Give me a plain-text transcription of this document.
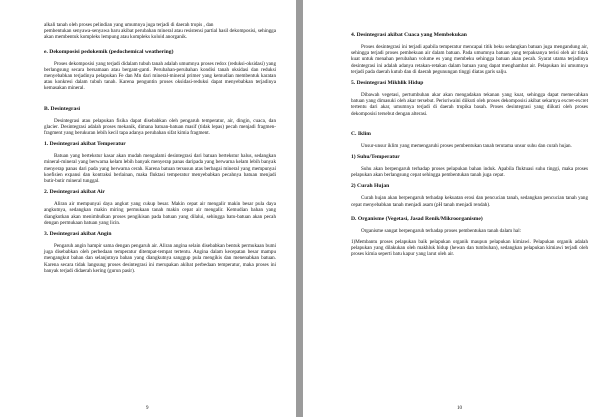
alkali tanah oleh proses pelindian yang umumnya juga terjadi di daerah tropis , dan

pembentukan senyawa-senyawa baru akibat perubahan mineral atau resistensi partial hasil dekomposisi, sehingga akan membentuk kompleks lempung atau kompleks koloid anorganik.

e. Dekomposisi pedokemik (pedochemical weathering)

Proses dekomposisi yang terjadi didalam tubuh tanah adalah umumnya proses redox (reduksi-oksidasi) yang berlangsung secara bersamaan atau bergant-ganti. Perubahan-perubahan kondisi tanah oksidasi dan reduksi menyebabkan terjadinya pelapukan Fe dan Mn dari mineral-mineral primer yang kemudian membentuk karatan atau konkresi dalam tubuh tanah. Karena penguntin proses oksidasi-reduksi dapat menyebabkan terjadinya kemasakan mineral.

B. Desintegrasi

Desintegrasi atau pelapukan fisika dapat disebabkan oleh pengaruh temperatur, air, dingin, cuaca, dan glacier. Desintegrasi adalah proses mekanik, dimana batuan-batuan masif (tidak lepas) pecah menjadi fragmen-fragment yang berukuran lebih kecil tapa adanya perubahan sifat kimia fragment.

1. Desintegrasi akibat Temperatur

Batuan yang bertekstur kasar akan mudah mengalami desintegrasi dari batuan bertekstur halus, sedangkan mineral-mineral yang berwarna kelam lebih banyak menyerap panas daripada yang berwarna kelam lebih banyak menyerap panas dari pada yang berwarna cerah. Karena batuan tersusun atas berbagai mineral yang mempunyai koefisien expansi dan kontraksi berlainan, maka fluktasi temperatur menyebabkan pecahnya batuan menjadi butir-butir mineral tunggal.

2. Desintegrasi akibat Air

Aliran air mempunyai daya angkut yang cukup besar. Makin cepat air mengalir makin besar pula daya angkutnya, sedangkan makin miring permukaan tanah makin cepat air mengalir. Kemudian bahan yang diangkutkan akan menimbulkan proses pengikisan pada batuan yang dilalui, sehingga batu-batuan akan pecah dengan permukaan batuan yang licin.

3. Desintegrasi akibat Angin

Pengaruh angin hampir sama dengan pengaruh air. Aliran angina selain disebabkan bentuk permukaan bumi juga disebabkan oleh perbedaan temperatur ditempat-tempat tertentu. Angina dalam kecepatan besar mampu mengangkut bahan dan selanjutnya bahan yang diangkutnya sanggup pula mengikis dan menenabkan batuan. Karena secara tidak langsung proses desintegrasi ini merupakan akibat perbedaan temperatur, maka proses ini banyak terjadi didaerah kering (gurun pasir).

9

4. Desintegrasi akibat Cuaca yang Membekukan

Proses desintegrasi ini terjadi apabila temperatur mencapai titik beku sedangkan batuan juga mengandung air, sehingga terjadi proses pembekuan air dalam batuan. Pada umumnya batuan yang terpaksanya terisi oleh air tidak kuat untuk menahan perubahan volume es yang membeku sehingga batuan akan pecah. Syarat utama terjadinya desintegrasi ini adalah adanya retakan-retakan dalam batuan yang dapat menghambat air. Pelapukan ini umumnya terjadi pada daerah kutub dan di daerah pegunungan tinggi diatas garis salju.

5. Desintegrasi Mikhlik Hidup

Dibawah vegetasi, pertumbuhan akar akan mengadakan tekanan yang kuat, sehingga dapat memecahkan batuan yang dimasuki oleh akar tersebut. Perisriwaini diikuti oleh proses dekomposisi akibat sekarnya excret-excret tertentu dari akar, umumnya terjadi di daerah tropika basah. Proses desintegrasi yang diikuti oleh proses dekomposisi tersebut dengan alterasi.

C. Iklim

Unsur-unsur iklim yang memengaruhi proses pembentukan tanah terutama unsur suhu dan curah hujan.

1) Suhu/Temperatur

Suhu akan berpengaruh terhadap proses pelapukan bahan induk. Apabila fluktuasi suhu tinggi, maka proses pelapukan akan berlangsung cepat sehingga pembentukan tanah juga cepat.

2) Curah Hujan

Curah hujan akan berpengaruh terhadap kekuatan erosi dan pencucian tanah, sedangkan pencucian tanah yang cepat menyebabkan tanah menjadi asam (pH tanah menjadi rendah).

D. Organisme (Vegetasi, Jasad Renik/Mikroorganisme)

Organisme sangat berpengaruh terhadap proses pembentukan tanah dalam hal:

1)Membantu proses pelapukan baik pelapukan organik maupun pelapukan kimiawi. Pelapukan organik adalah pelapukan yang dilakukan oleh makhluk hidup (hewan dan tumbuhan), sedangkan pelapukan kimiawi terjadi oleh proses kimia seperti batu kapur yang larut oleh air.

10
